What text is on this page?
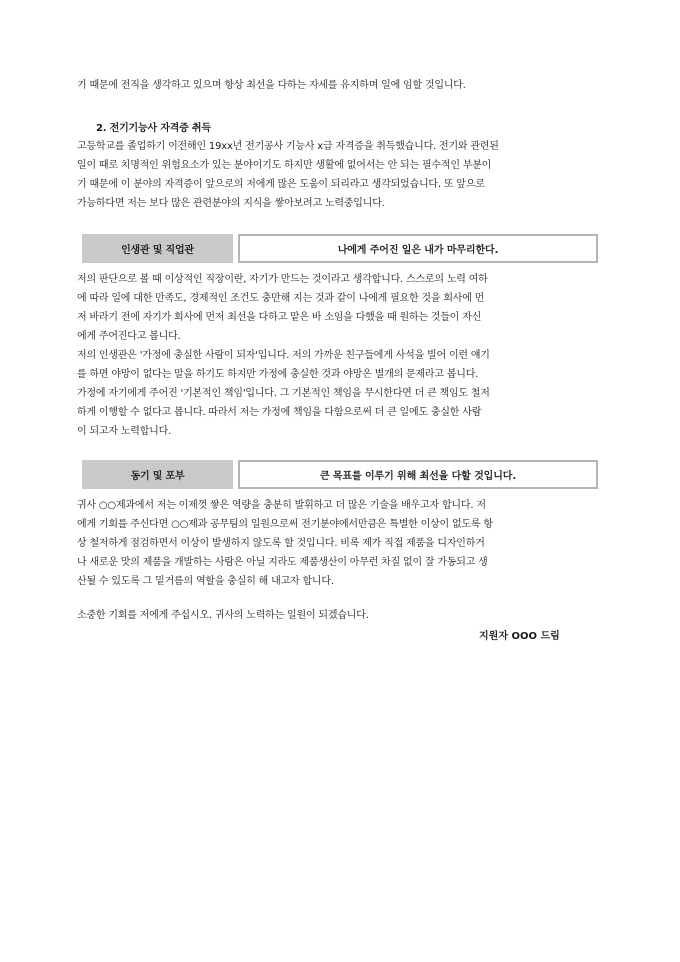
기 때문에 전직을 생각하고 있으며 항상 최선을 다하는 자세를 유지하며 일에 임할 것입니다.

2. 전기기능사 자격증 취득

고등학교를 졸업하기 이전해인 19xx년 전기공사 기능사 x급 자격증을 취득했습니다. 전기와 관련된
일이 때로 치명적인 위험요소가 있는 분야이기도 하지만 생활에 없어서는 안 되는 필수적인 부분이
기 때문에 이 분야의 자격증이 앞으로의 저에게 많은 도움이 되리라고 생각되었습니다. 또 앞으로
가능하다면 저는 보다 많은 관련분야의 지식을 쌓아보려고 노력중입니다.

인생관 및 직업관	나에게 주어진 일은 내가 마무리한다.

저의 판단으로 볼 때 이상적인 직장이란, 자기가 만드는 것이라고 생각합니다. 스스로의 노력 여하
에 따라 일에 대한 만족도, 경제적인 조건도 충만해 지는 것과 같이 나에게 필요한 것을 회사에 먼
저 바라기 전에 자기가 회사에 먼저 최선을 다하고 맡은 바 소임을 다했을 때 원하는 것들이 자신
에게 주어진다고 봅니다.
저의 인생관은 '가정에 충실한 사람이 되자'입니다. 저의 가까운 친구들에게 사석을 빌어 이런 얘기
를 하면 야망이 없다는 말을 하기도 하지만 가정에 충실한 것과 야망은 별개의 문제라고 봅니다.
가정에 자기에게 주어진 '기본적인 책임'입니다. 그 기본적인 책임을 무시한다면 더 큰 책임도 철저
하게 이행할 수 없다고 봅니다. 따라서 저는 가정에 책임을 다함으로써 더 큰 일에도 충실한 사람
이 되고자 노력합니다.

동기 및 포부	큰 목표를 이루기 위해 최선을 다할 것입니다.

귀사 ○○제과에서 저는 이제껏 쌓은 역량을 충분히 발휘하고 더 많은 기술을 배우고자 합니다. 저
에게 기회를 주신다면 ○○제과 공무팀의 일원으로써 전기분야에서만큼은 특별한 이상이 없도록 항
상 철저하게 점검하면서 이상이 발생하지 않도록 할 것입니다. 비록 제가 직접 제품을 디자인하거
나 새로운 맛의 제품을 개발하는 사람은 아닐 지라도 제품생산이 아무런 차질 없이 잘 가동되고 생
산될 수 있도록 그 밑거름의 역할을 충실히 해 내고자 합니다.

소중한 기회를 저에게 주십시오. 귀사의 노력하는 일원이 되겠습니다.

지원자 OOO 드림
